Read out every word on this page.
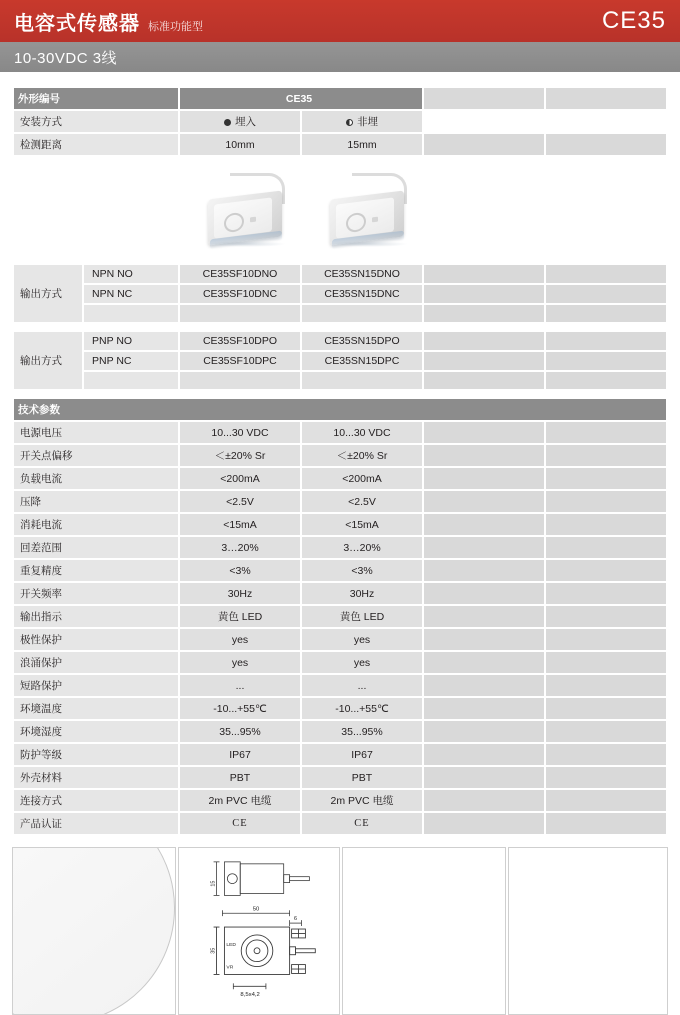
电容式传感器 标准功能型	CE35
10-30VDC 3线
外形编号	CE35			
安装方式	埋入	非埋		
检测距离	10mm	15mm		
输出方式	NPN NO	CE35SF10DNO	CE35SN15DNO		
	NPN NC	CE35SF10DNC	CE35SN15DNC		

输出方式	PNP NO	CE35SF10DPO	CE35SN15DPO		
	PNP NC	CE35SF10DPC	CE35SN15DPC		

技术参数				
电源电压	10...30 VDC	10...30 VDC		
开关点偏移	＜±20% Sr	＜±20% Sr		
负载电流	<200mA	<200mA		
压降	<2.5V	<2.5V		
消耗电流	<15mA	<15mA		
回差范围	3…20%	3…20%		
重复精度	<3%	<3%		
开关频率	30Hz	30Hz		
输出指示	黄色 LED	黄色 LED		
极性保护	yes	yes		
浪涌保护	yes	yes		
短路保护	...	...		
环境温度	-10...+55℃	-10...+55℃		
环境湿度	35...95%	35...95%		
防护等级	IP67	IP67		
外壳材料	PBT	PBT		
连接方式	2m PVC 电缆	2m PVC 电缆		
产品认证	CE	CE		
15
50
6
35
LED
VR
8,5x4,2
